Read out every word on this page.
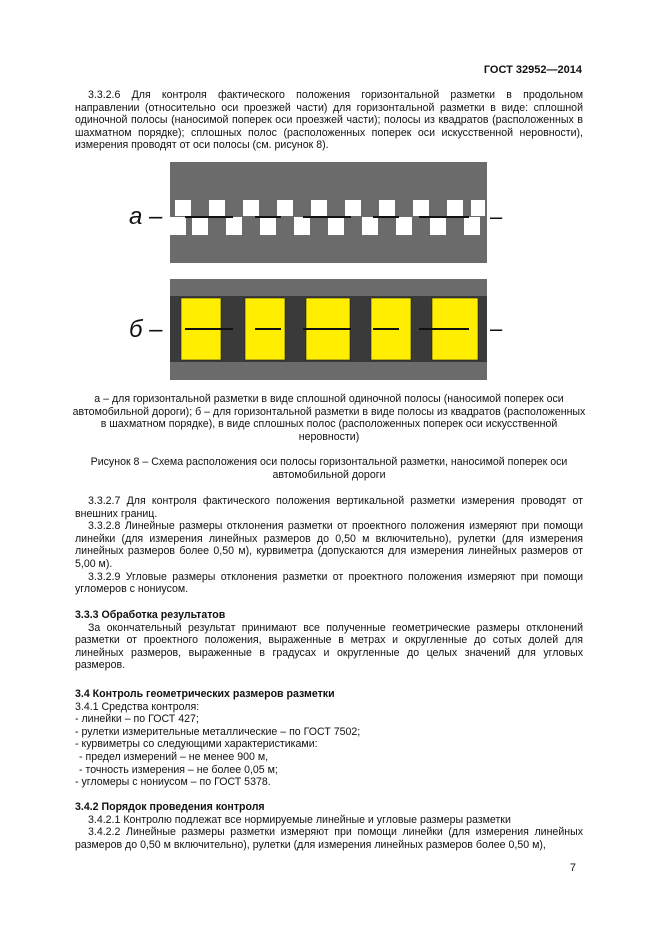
ГОСТ 32952—2014

3.3.2.6 Для контроля фактического положения горизонтальной разметки в продольном направлении (относительно оси проезжей части) для горизонтальной разметки в виде: сплошной одиночной полосы (наносимой поперек оси проезжей части); полосы из квадратов (расположенных в шахматном порядке); сплошных полос (расположенных поперек оси искусственной неровности), измерения проводят от оси полосы (см. рисунок 8).

а –	–
б –	–

а – для горизонтальной разметки в виде сплошной одиночной полосы (наносимой поперек оси автомобильной дороги); б – для горизонтальной разметки в виде полосы из квадратов (расположенных в шахматном порядке), в виде сплошных полос (расположенных поперек оси искусственной неровности)

Рисунок 8 – Схема расположения оси полосы горизонтальной разметки, наносимой поперек оси автомобильной дороги

3.3.2.7 Для контроля фактического положения вертикальной разметки измерения проводят от внешних границ.

3.3.2.8 Линейные размеры отклонения разметки от проектного положения измеряют при помощи линейки (для измерения линейных размеров до 0,50 м включительно), рулетки (для измерения линейных размеров более 0,50 м), курвиметра (допускаются для измерения линейных размеров от 5,00 м).

3.3.2.9 Угловые размеры отклонения разметки от проектного положения измеряют при помощи угломеров с нониусом.

3.3.3 Обработка результатов

За окончательный результат принимают все полученные геометрические размеры отклонений разметки от проектного положения, выраженные в метрах и округленные до сотых долей для линейных размеров, выраженные в градусах и округленные до целых значений для угловых размеров.

3.4 Контроль геометрических размеров разметки

3.4.1 Средства контроля:

- линейки – по ГОСТ 427;

- рулетки измерительные металлические – по ГОСТ 7502;

- курвиметры со следующими характеристиками:

- предел измерений – не менее 900 м,

- точность измерения – не более 0,05 м;

- угломеры с нониусом – по ГОСТ 5378.

3.4.2 Порядок проведения контроля

3.4.2.1 Контролю подлежат все нормируемые линейные и угловые размеры разметки

3.4.2.2 Линейные размеры разметки измеряют при помощи линейки (для измерения линейных размеров до 0,50 м включительно), рулетки (для измерения линейных размеров более 0,50 м),

7
